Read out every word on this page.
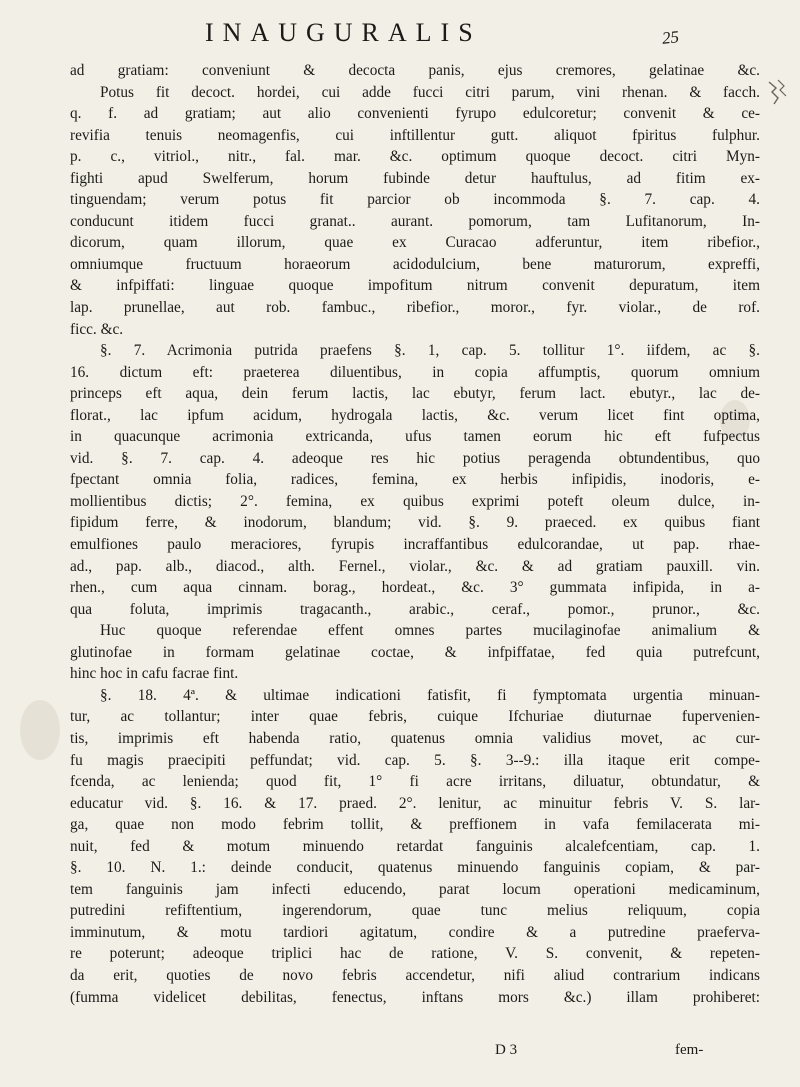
INAUGURALIS	25
ad gratiam: conveniunt & decocta panis, ejus cremores, gelatinae &c.
Potus fit decoct. hordei, cui adde fucci citri parum, vini rhenan. & facch.
q. f. ad gratiam; aut alio convenienti fyrupo edulcoretur; convenit & ce-
revifia tenuis neomagenfis, cui inftillentur gutt. aliquot fpiritus fulphur.
p. c., vitriol., nitr., fal. mar. &c. optimum quoque decoct. citri Myn-
fighti apud Swelferum, horum fubinde detur hauftulus, ad fitim ex-
tinguendam; verum potus fit parcior ob incommoda §. 7. cap. 4.
conducunt itidem fucci granat.. aurant. pomorum, tam Lufitanorum, In-
dicorum, quam illorum, quae ex Curacao adferuntur, item ribefior.,
omniumque fructuum horaeorum acidodulcium, bene maturorum, expreffi,
& infpiffati: linguae quoque impofitum nitrum convenit depuratum, item
lap. prunellae, aut rob. fambuc., ribefior., moror., fyr. violar., de rof.
ficc. &c.
§. 7. Acrimonia putrida praefens §. 1, cap. 5. tollitur 1°. iifdem, ac §.
16. dictum eft: praeterea diluentibus, in copia affumptis, quorum omnium
princeps eft aqua, dein ferum lactis, lac ebutyr, ferum lact. ebutyr., lac de-
florat., lac ipfum acidum, hydrogala lactis, &c. verum licet fint optima,
in quacunque acrimonia extricanda, ufus tamen eorum hic eft fufpectus
vid. §. 7. cap. 4. adeoque res hic potius peragenda obtundentibus, quo
fpectant omnia folia, radices, femina, ex herbis infipidis, inodoris, e-
mollientibus dictis; 2°. femina, ex quibus exprimi poteft oleum dulce, in-
fipidum ferre, & inodorum, blandum; vid. §. 9. praeced. ex quibus fiant
emulfiones paulo meraciores, fyrupis incraffantibus edulcorandae, ut pap. rhae-
ad., pap. alb., diacod., alth. Fernel., violar., &c. & ad gratiam pauxill. vin.
rhen., cum aqua cinnam. borag., hordeat., &c. 3° gummata infipida, in a-
qua foluta, imprimis tragacanth., arabic., ceraf., pomor., prunor., &c.
Huc quoque referendae effent omnes partes mucilaginofae animalium &
glutinofae in formam gelatinae coctae, & infpiffatae, fed quia putrefcunt,
hinc hoc in cafu facrae fint.
§. 18. 4ª. & ultimae indicationi fatisfit, fi fymptomata urgentia minuan-
tur, ac tollantur; inter quae febris, cuique Ifchuriae diuturnae fupervenien-
tis, imprimis eft habenda ratio, quatenus omnia validius movet, ac cur-
fu magis praecipiti peffundat; vid. cap. 5. §. 3--9.: illa itaque erit compe-
fcenda, ac lenienda; quod fit, 1° fi acre irritans, diluatur, obtundatur, &
educatur vid. §. 16. & 17. praed. 2°. lenitur, ac minuitur febris V. S. lar-
ga, quae non modo febrim tollit, & preffionem in vafa femilacerata mi-
nuit, fed & motum minuendo retardat fanguinis alcalefcentiam, cap. 1.
§. 10. N. 1.: deinde conducit, quatenus minuendo fanguinis copiam, & par-
tem fanguinis jam infecti educendo, parat locum operationi medicaminum,
putredini refiftentium, ingerendorum, quae tunc melius reliquum, copia
imminutum, & motu tardiori agitatum, condire & a putredine praeferva-
re poterunt; adeoque triplici hac de ratione, V. S. convenit, & repeten-
da erit, quoties de novo febris accendetur, nifi aliud contrarium indicans
(fumma videlicet debilitas, fenectus, inftans mors &c.) illam prohiberet:
D 3	fem-
